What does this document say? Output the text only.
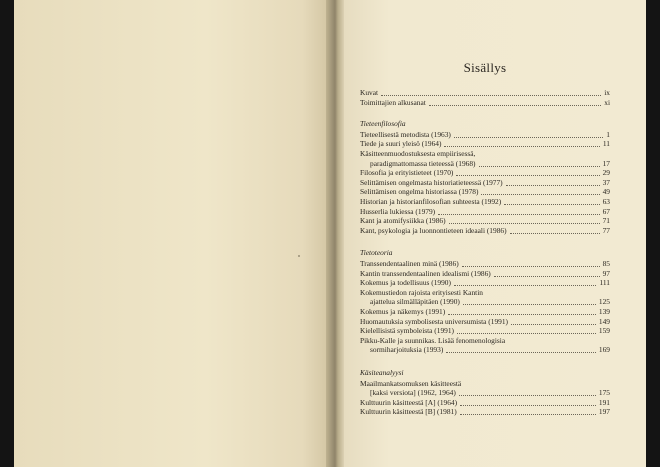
Sisällys
Kuvat	ix
Toimittajien alkusanat	xi
Tieteenfilosofia
Tieteellisestä metodista (1963)	1
Tiede ja suuri yleisö (1964)	11
Käsitteenmuodostuksesta empiirisessä,
paradigmattomassa tieteessä (1968)	17
Filosofia ja erityistieteet (1970)	29
Selittämisen ongelmasta historiatieteessä (1977)	37
Selittämisen ongelma historiassa (1978)	49
Historian ja historianfilosofian suhteesta (1992)	63
Husserlia lukiessa (1979)	67
Kant ja atomifysiikka (1986)	71
Kant, psykologia ja luonnontieteen ideaali (1986)	77
Tietoteoria
Transsendentaalinen minä (1986)	85
Kantin transsendentaalinen idealismi (1986)	97
Kokemus ja todellisuus (1990)	111
Kokemustiedon rajoista erityisesti Kantin
ajattelua silmälläpitäen (1990)	125
Kokemus ja näkemys (1991)	139
Huomautuksia symbolisesta universumista (1991)	149
Kielellisistä symboleista (1991)	159
Pikku-Kalle ja suunnikas. Lisää fenomenologisia
sormiharjoituksia (1993)	169
Käsiteanalyysi
Maailmankatsomuksen käsitteestä
[kaksi versiota] (1962, 1964)	175
Kulttuurin käsitteestä [A] (1964)	191
Kulttuurin käsitteestä [B] (1981)	197
